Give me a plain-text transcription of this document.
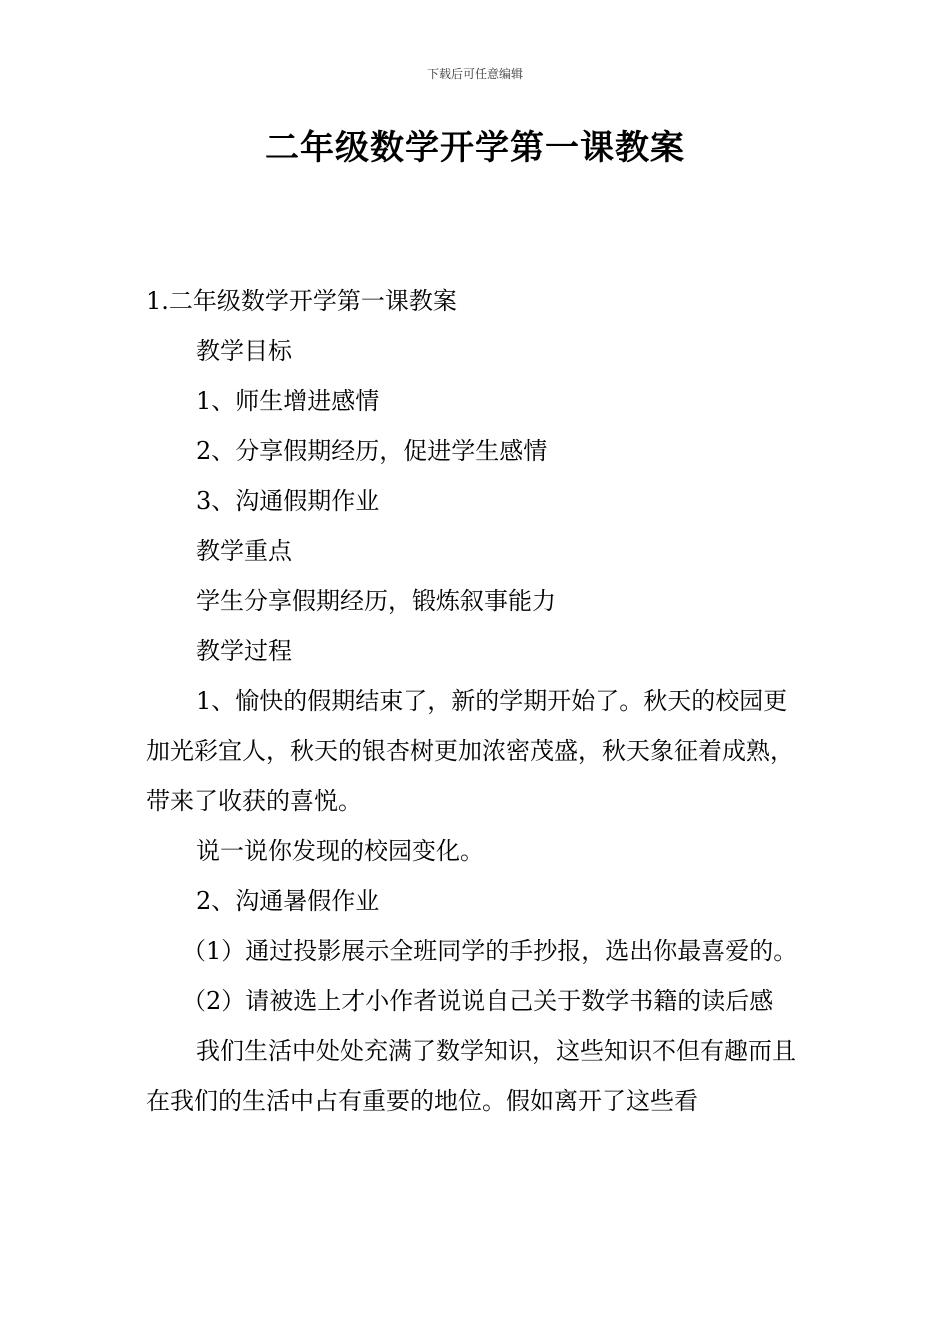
下载后可任意编辑
二年级数学开学第一课教案

1.二年级数学开学第一课教案

教学目标

1、师生增进感情

2、分享假期经历，促进学生感情

3、沟通假期作业

教学重点

学生分享假期经历，锻炼叙事能力

教学过程

1、愉快的假期结束了，新的学期开始了。秋天的校园更加光彩宜人，秋天的银杏树更加浓密茂盛，秋天象征着成熟，带来了收获的喜悦。

说一说你发现的校园变化。

2、沟通暑假作业

（1）通过投影展示全班同学的手抄报，选出你最喜爱的。

（2）请被选上才小作者说说自己关于数学书籍的读后感

我们生活中处处充满了数学知识，这些知识不但有趣而且在我们的生活中占有重要的地位。假如离开了这些看
